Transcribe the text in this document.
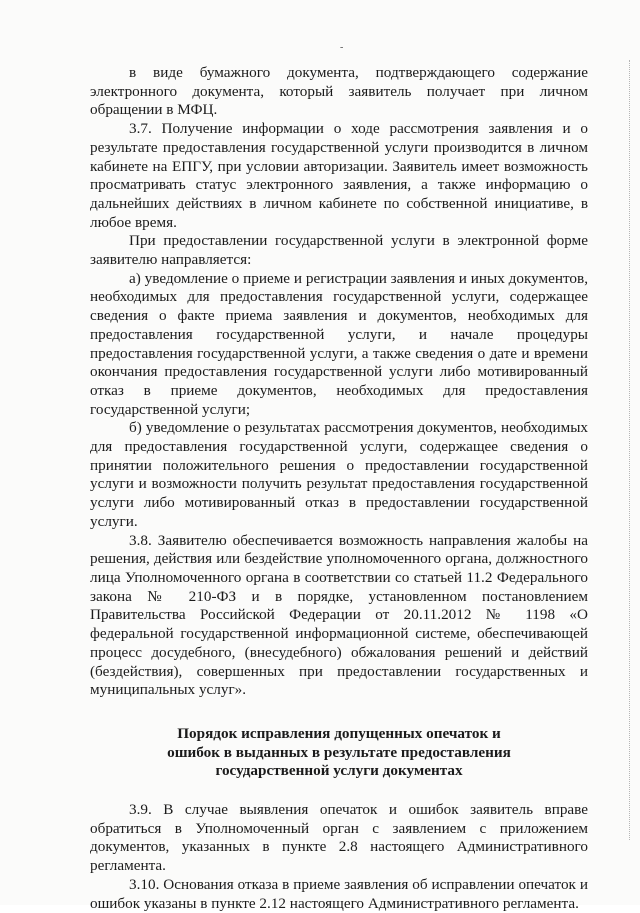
-

в виде бумажного документа, подтверждающего содержание электронного документа, который заявитель получает при личном обращении в МФЦ.

3.7. Получение информации о ходе рассмотрения заявления и о результате предоставления государственной услуги производится в личном кабинете на ЕПГУ, при условии авторизации. Заявитель имеет возможность просматривать статус электронного заявления, а также информацию о дальнейших действиях в личном кабинете по собственной инициативе, в любое время.

При предоставлении государственной услуги в электронной форме заявителю направляется:

а) уведомление о приеме и регистрации заявления и иных документов, необходимых для предоставления государственной услуги, содержащее сведения о факте приема заявления и документов, необходимых для предоставления государственной услуги, и начале процедуры предоставления государственной услуги, а также сведения о дате и времени окончания предоставления государственной услуги либо мотивированный отказ в приеме документов, необходимых для предоставления государственной услуги;

б) уведомление о результатах рассмотрения документов, необходимых для предоставления государственной услуги, содержащее сведения о принятии положительного решения о предоставлении государственной услуги и возможности получить результат предоставления государственной услуги либо мотивированный отказ в предоставлении государственной услуги.

3.8. Заявителю обеспечивается возможность направления жалобы на решения, действия или бездействие уполномоченного органа, должностного лица Уполномоченного органа в соответствии со статьей 11.2 Федерального закона № 210-ФЗ и в порядке, установленном постановлением Правительства Российской Федерации от 20.11.2012 № 1198 «О федеральной государственной информационной системе, обеспечивающей процесс досудебного, (внесудебного) обжалования решений и действий (бездействия), совершенных при предоставлении государственных и муниципальных услуг».

Порядок исправления допущенных опечаток и ошибок в выданных в результате предоставления государственной услуги документах

3.9. В случае выявления опечаток и ошибок заявитель вправе обратиться в Уполномоченный орган с заявлением с приложением документов, указанных в пункте 2.8 настоящего Административного регламента.

3.10. Основания отказа в приеме заявления об исправлении опечаток и ошибок указаны в пункте 2.12 настоящего Административного регламента.
